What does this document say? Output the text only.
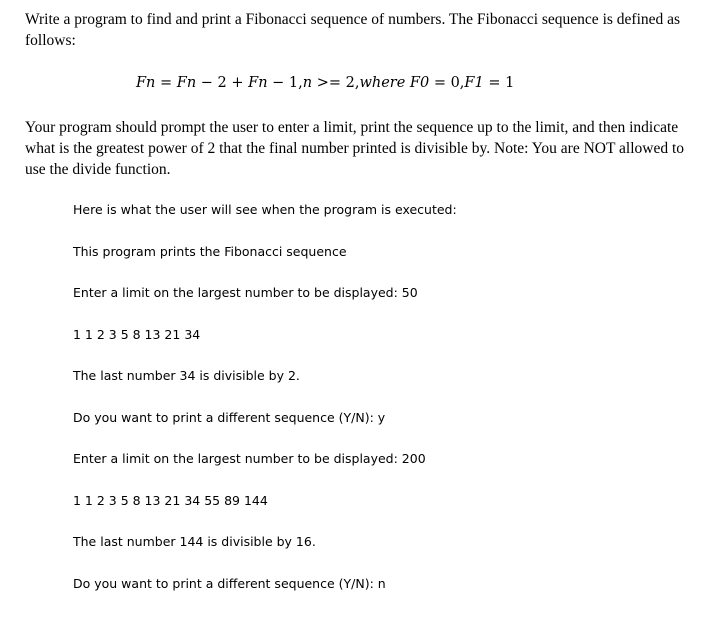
Write a program to find and print a Fibonacci sequence of numbers. The Fibonacci sequence is defined as follows:

Fn = Fn − 2 + Fn − 1,n >= 2,where F0 = 0,F1 = 1

Your program should prompt the user to enter a limit, print the sequence up to the limit, and then indicate what is the greatest power of 2 that the final number printed is divisible by. Note: You are NOT allowed to use the divide function.

Here is what the user will see when the program is executed:

This program prints the Fibonacci sequence

Enter a limit on the largest number to be displayed: 50

1 1 2 3 5 8 13 21 34

The last number 34 is divisible by 2.

Do you want to print a different sequence (Y/N): y

Enter a limit on the largest number to be displayed: 200

1 1 2 3 5 8 13 21 34 55 89 144

The last number 144 is divisible by 16.

Do you want to print a different sequence (Y/N): n
